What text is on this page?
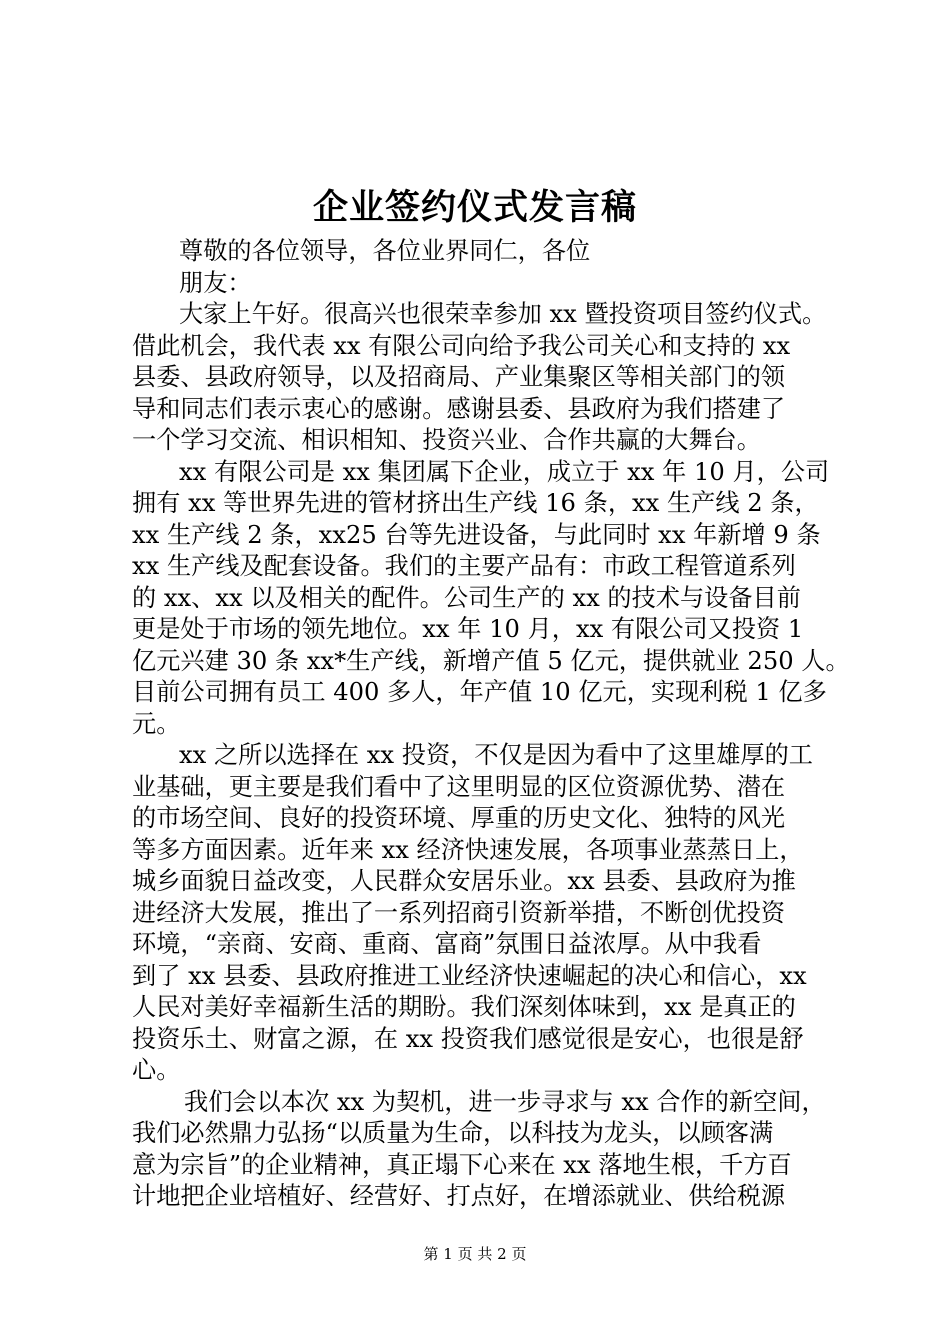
企业签约仪式发言稿
尊敬的各位领导，各位业界同仁，各位
朋友：
大家上午好。很高兴也很荣幸参加 xx 暨投资项目签约仪式。
借此机会，我代表 xx 有限公司向给予我公司关心和支持的 xx
县委、县政府领导，以及招商局、产业集聚区等相关部门的领
导和同志们表示衷心的感谢。感谢县委、县政府为我们搭建了
一个学习交流、相识相知、投资兴业、合作共赢的大舞台。
xx 有限公司是 xx 集团属下企业，成立于 xx 年 10 月，公司
拥有 xx 等世界先进的管材挤出生产线 16 条，xx 生产线 2 条，
xx 生产线 2 条，xx25 台等先进设备，与此同时 xx 年新增 9 条
xx 生产线及配套设备。我们的主要产品有：市政工程管道系列
的 xx、xx 以及相关的配件。公司生产的 xx 的技术与设备目前
更是处于市场的领先地位。xx 年 10 月，xx 有限公司又投资 1
亿元兴建 30 条 xx*生产线，新增产值 5 亿元，提供就业 250 人。
目前公司拥有员工 400 多人，年产值 10 亿元，实现利税 1 亿多
元。
xx 之所以选择在 xx 投资，不仅是因为看中了这里雄厚的工
业基础，更主要是我们看中了这里明显的区位资源优势、潜在
的市场空间、良好的投资环境、厚重的历史文化、独特的风光
等多方面因素。近年来 xx 经济快速发展，各项事业蒸蒸日上，
城乡面貌日益改变，人民群众安居乐业。xx 县委、县政府为推
进经济大发展，推出了一系列招商引资新举措，不断创优投资
环境，“亲商、安商、重商、富商”氛围日益浓厚。从中我看
到了 xx 县委、县政府推进工业经济快速崛起的决心和信心，xx
人民对美好幸福新生活的期盼。我们深刻体味到，xx 是真正的
投资乐土、财富之源，在 xx 投资我们感觉很是安心，也很是舒
心。
我们会以本次 xx 为契机，进一步寻求与 xx 合作的新空间，
我们必然鼎力弘扬“以质量为生命，以科技为龙头，以顾客满
意为宗旨”的企业精神，真正塌下心来在 xx 落地生根，千方百
计地把企业培植好、经营好、打点好，在增添就业、供给税源
第 1 页 共 2 页
